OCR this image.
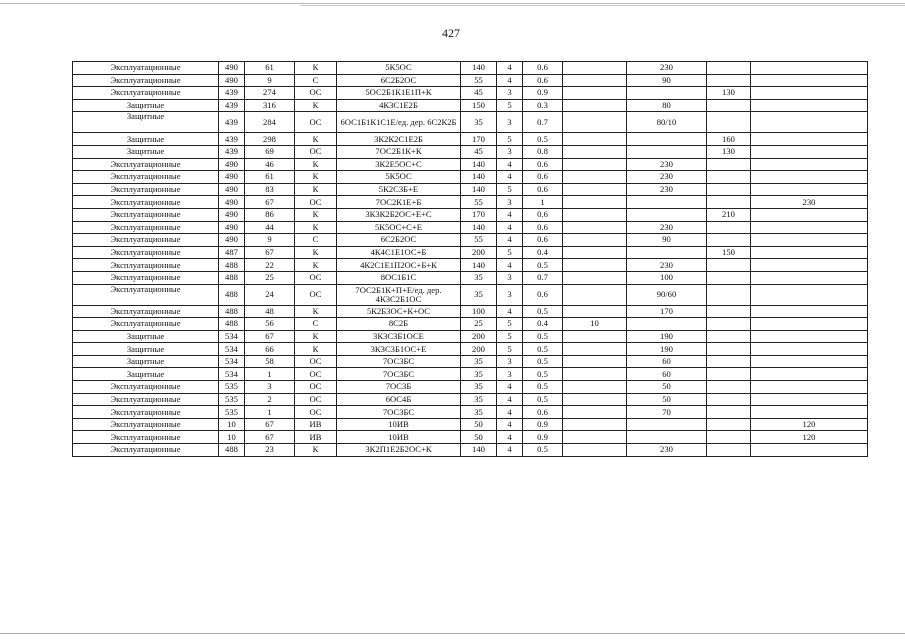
427
Эксплуатационные	490	61	К	5К5ОС	140	4	0.6		230		
Эксплуатационные	490	9	С	6С2Б2ОС	55	4	0.6		90		
Эксплуатационные	439	274	ОС	5ОС2Б1К1Е1П+К	45	3	0.9			130	
Защитные	439	316	К	4К3С1Е2Б	150	5	0.3		80		
Защитные	439	284	ОС	6ОС1Б1К1С1Е/ед. дер. 6С2К2Б	35	3	0.7		80/10		
Защитные	439	298	К	3К2К2С1Е2Б	170	5	0.5			160	
Защитные	439	69	ОС	7ОС2Б1К+К	45	3	0.8			130	
Эксплуатационные	490	46	К	3К2Е5ОС+С	140	4	0.6		230		
Эксплуатационные	490	61	К	5К5ОС	140	4	0.6		230		
Эксплуатационные	490	83	К	5К2С3Б+Е	140	5	0.6		230		
Эксплуатационные	490	67	ОС	7ОС2К1Е+Б	55	3	1				230
Эксплуатационные	490	86	К	3К3К2Б2ОС+Е+С	170	4	0.6			210	
Эксплуатационные	490	44	К	5К5ОС+С+Е	140	4	0.6		230		
Эксплуатационные	490	9	С	6С2Б2ОС	55	4	0.6		90		
Эксплуатационные	487	67	К	4К4С1Е1ОС+Б	200	5	0.4			150	
Эксплуатационные	488	22	К	4К2С1Е1П2ОС+Б+К	140	4	0.5		230		
Эксплуатационные	488	25	ОС	8ОС1Б1С	35	3	0.7		100		
Эксплуатационные	488	24	ОС	7ОС2Б1К+П+Е/ед. дер. 4К3С2Б1ОС	35	3	0.6		90/60		
Эксплуатационные	488	48	К	5К2Б3ОС+К+ОС	100	4	0.5		170		
Эксплуатационные	488	56	С	8С2Б	25	5	0.4	10			
Защитные	534	67	К	3К3С3Б1ОСЕ	200	5	0.5		190		
Защитные	534	66	К	3К3С3Б1ОС+Е	200	5	0.5		190		
Защитные	534	58	ОС	7ОС3БС	35	3	0.5		60		
Защитные	534	1	ОС	7ОС3БС	35	3	0.5		60		
Эксплуатационные	535	3	ОС	7ОС3Б	35	4	0.5		50		
Эксплуатационные	535	2	ОС	6ОС4Б	35	4	0.5		50		
Эксплуатационные	535	1	ОС	7ОС3БС	35	4	0.6		70		
Эксплуатационные	10	67	ИВ	10ИВ	50	4	0.9				120
Эксплуатационные	10	67	ИВ	10ИВ	50	4	0.9				120
Эксплуатационные	488	23	К	3К2П1Е2Б2ОС+К	140	4	0.5		230		
